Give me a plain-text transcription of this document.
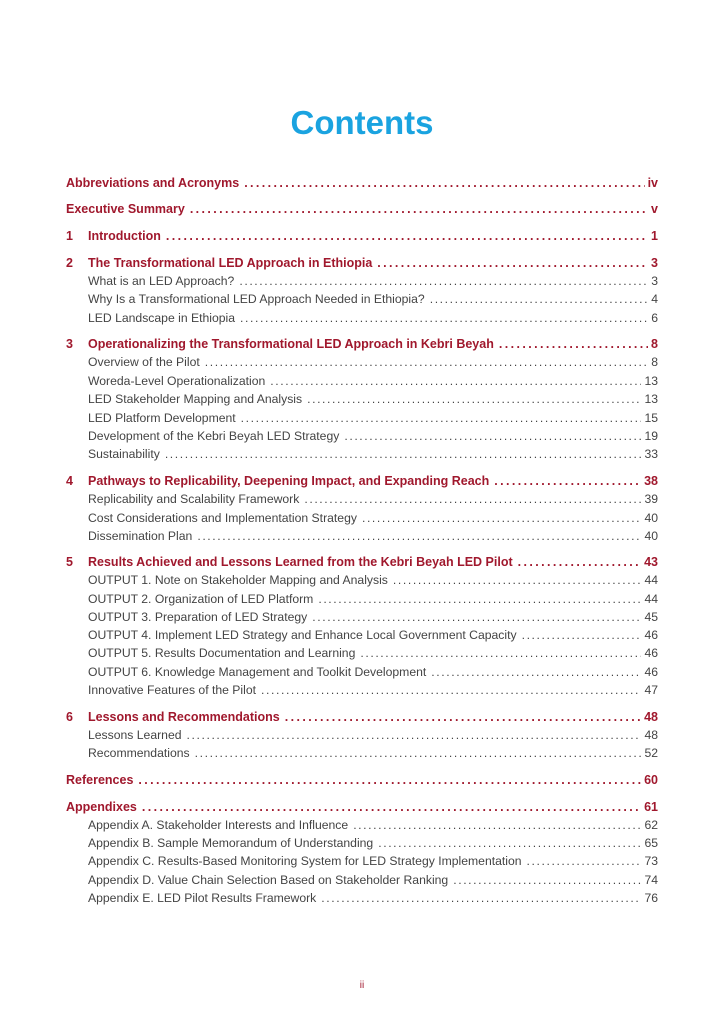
Contents
Abbreviations and Acronyms .....	iv
Executive Summary .....	v
1	Introduction .....	1
2	The Transformational LED Approach in Ethiopia .....	3
What is an LED Approach? .....	3
Why Is a Transformational LED Approach Needed in Ethiopia? .....	4
LED Landscape in Ethiopia .....	6
3	Operationalizing the Transformational LED Approach in Kebri Beyah .....	8
Overview of the Pilot .....	8
Woreda-Level Operationalization .....	13
LED Stakeholder Mapping and Analysis .....	13
LED Platform Development .....	15
Development of the Kebri Beyah LED Strategy .....	19
Sustainability .....	33
4	Pathways to Replicability, Deepening Impact, and Expanding Reach .....	38
Replicability and Scalability Framework .....	39
Cost Considerations and Implementation Strategy .....	40
Dissemination Plan .....	40
5	Results Achieved and Lessons Learned from the Kebri Beyah LED Pilot .....	43
OUTPUT 1. Note on Stakeholder Mapping and Analysis .....	44
OUTPUT 2. Organization of LED Platform .....	44
OUTPUT 3. Preparation of LED Strategy .....	45
OUTPUT 4. Implement LED Strategy and Enhance Local Government Capacity .....	46
OUTPUT 5. Results Documentation and Learning .....	46
OUTPUT 6. Knowledge Management and Toolkit Development .....	46
Innovative Features of the Pilot .....	47
6	Lessons and Recommendations .....	48
Lessons Learned .....	48
Recommendations .....	52
References .....	60
Appendixes .....	61
Appendix A. Stakeholder Interests and Influence .....	62
Appendix B. Sample Memorandum of Understanding .....	65
Appendix C. Results-Based Monitoring System for LED Strategy Implementation .....	73
Appendix D. Value Chain Selection Based on Stakeholder Ranking .....	74
Appendix E. LED Pilot Results Framework .....	76
ii
